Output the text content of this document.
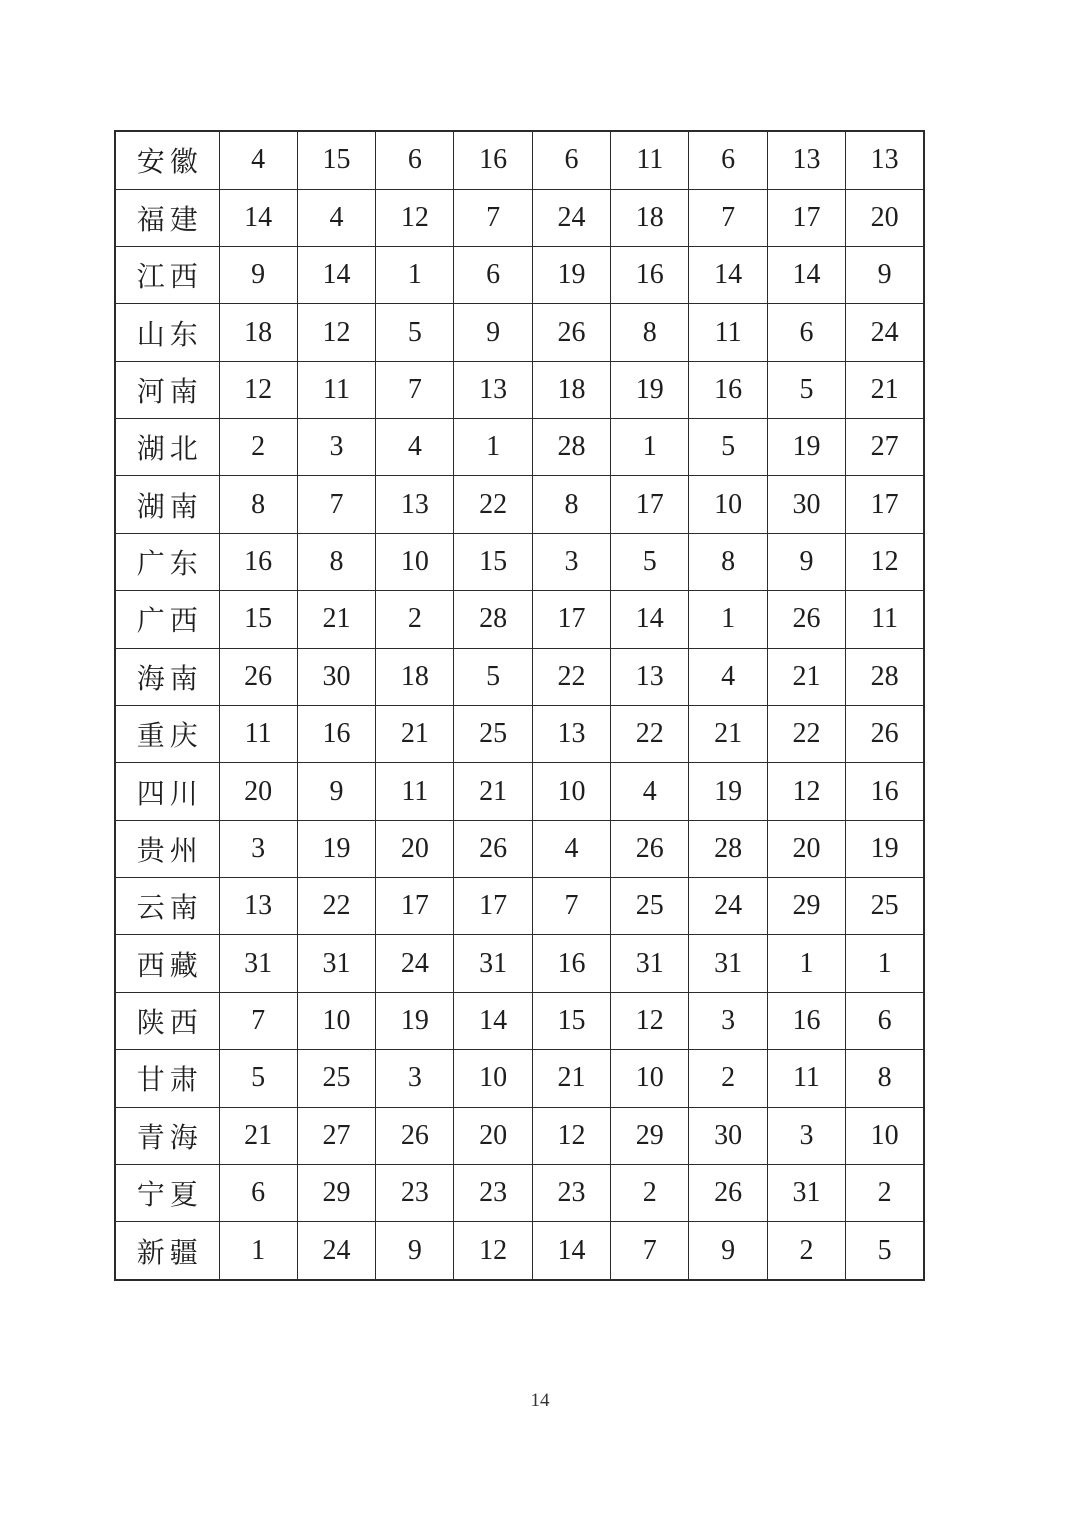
安徽	4	15	6	16	6	11	6	13	13
福建	14	4	12	7	24	18	7	17	20
江西	9	14	1	6	19	16	14	14	9
山东	18	12	5	9	26	8	11	6	24
河南	12	11	7	13	18	19	16	5	21
湖北	2	3	4	1	28	1	5	19	27
湖南	8	7	13	22	8	17	10	30	17
广东	16	8	10	15	3	5	8	9	12
广西	15	21	2	28	17	14	1	26	11
海南	26	30	18	5	22	13	4	21	28
重庆	11	16	21	25	13	22	21	22	26
四川	20	9	11	21	10	4	19	12	16
贵州	3	19	20	26	4	26	28	20	19
云南	13	22	17	17	7	25	24	29	25
西藏	31	31	24	31	16	31	31	1	1
陕西	7	10	19	14	15	12	3	16	6
甘肃	5	25	3	10	21	10	2	11	8
青海	21	27	26	20	12	29	30	3	10
宁夏	6	29	23	23	23	2	26	31	2
新疆	1	24	9	12	14	7	9	2	5
14
